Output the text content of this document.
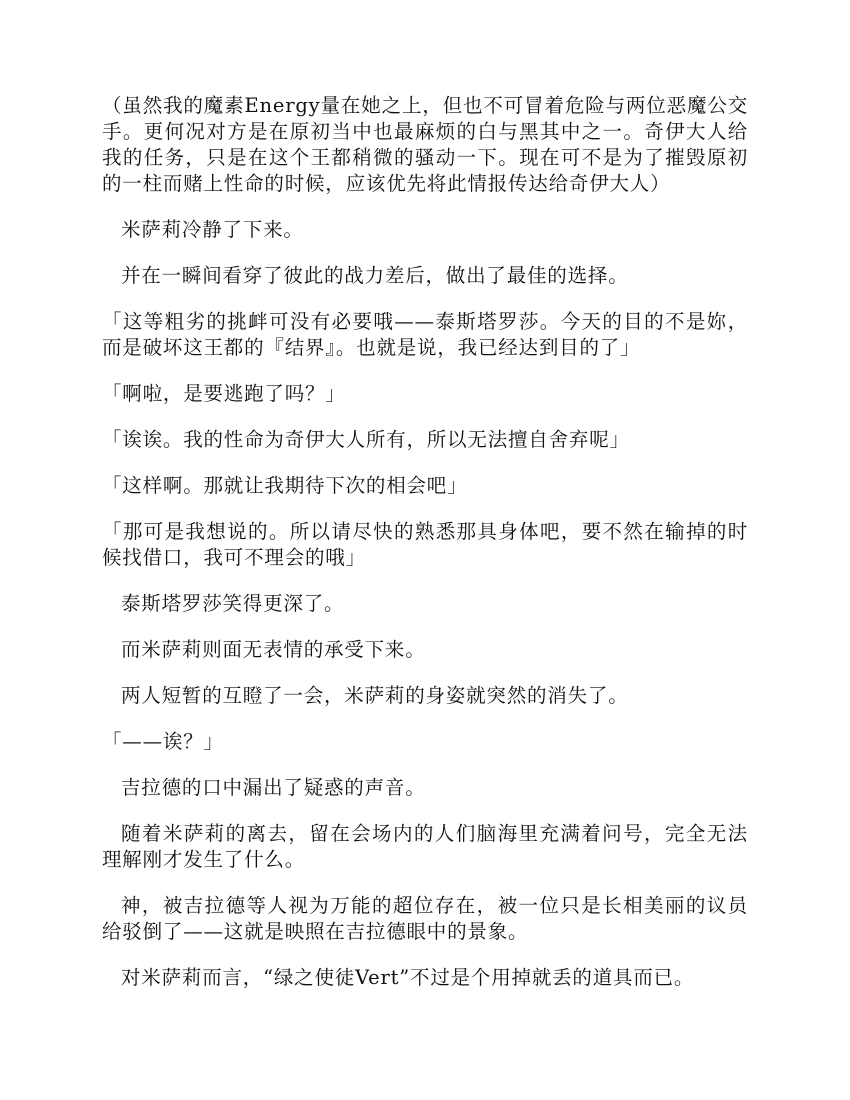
（虽然我的魔素Energy量在她之上，但也不可冒着危险与两位恶魔公交手。更何况对方是在原初当中也最麻烦的白与黑其中之一。奇伊大人给我的任务，只是在这个王都稍微的骚动一下。现在可不是为了摧毁原初的一柱而赌上性命的时候，应该优先将此情报传达给奇伊大人）

米萨莉冷静了下来。

并在一瞬间看穿了彼此的战力差后，做出了最佳的选择。

「这等粗劣的挑衅可没有必要哦——泰斯塔罗莎。今天的目的不是妳，而是破坏这王都的『结界』。也就是说，我已经达到目的了」

「啊啦，是要逃跑了吗？」

「诶诶。我的性命为奇伊大人所有，所以无法擅自舍弃呢」

「这样啊。那就让我期待下次的相会吧」

「那可是我想说的。所以请尽快的熟悉那具身体吧，要不然在输掉的时候找借口，我可不理会的哦」

泰斯塔罗莎笑得更深了。

而米萨莉则面无表情的承受下来。

两人短暂的互瞪了一会，米萨莉的身姿就突然的消失了。

「——诶？」

吉拉德的口中漏出了疑惑的声音。

随着米萨莉的离去，留在会场内的人们脑海里充满着问号，完全无法理解刚才发生了什么。

神，被吉拉德等人视为万能的超位存在，被一位只是长相美丽的议员给驳倒了——这就是映照在吉拉德眼中的景象。

对米萨莉而言，“绿之使徒Vert”不过是个用掉就丢的道具而已。
